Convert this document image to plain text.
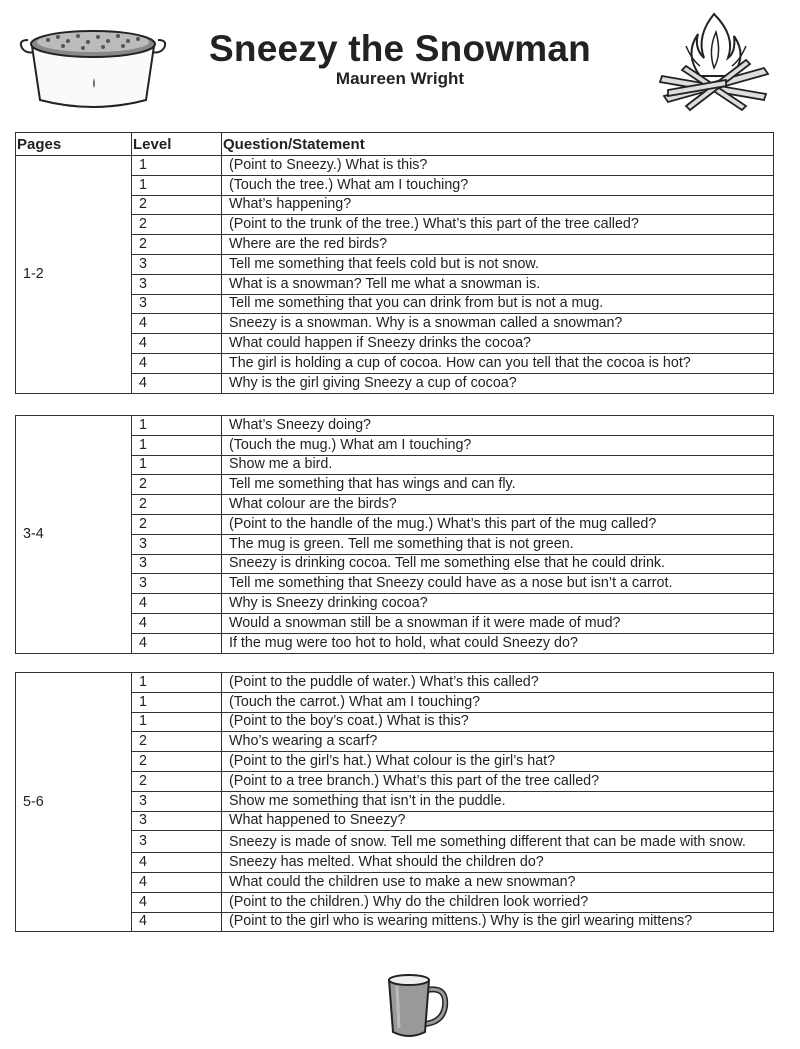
Sneezy the Snowman
Maureen Wright
Pages	Level	Question/Statement
1-2	1	(Point to Sneezy.) What is this?
	1	(Touch the tree.) What am I touching?
	2	What’s happening?
	2	(Point to the trunk of the tree.) What’s this part of the tree called?
	2	Where are the red birds?
	3	Tell me something that feels cold but is not snow.
	3	What is a snowman? Tell me what a snowman is.
	3	Tell me something that you can drink from but is not a mug.
	4	Sneezy is a snowman. Why is a snowman called a snowman?
	4	What could happen if Sneezy drinks the cocoa?
	4	The girl is holding a cup of cocoa. How can you tell that the cocoa is hot?
	4	Why is the girl giving Sneezy a cup of cocoa?
3-4	1	What’s Sneezy doing?
	1	(Touch the mug.) What am I touching?
	1	Show me a bird.
	2	Tell me something that has wings and can fly.
	2	What colour are the birds?
	2	(Point to the handle of the mug.) What’s this part of the mug called?
	3	The mug is green. Tell me something that is not green.
	3	Sneezy is drinking cocoa. Tell me something else that he could drink.
	3	Tell me something that Sneezy could have as a nose but isn’t a carrot.
	4	Why is Sneezy drinking cocoa?
	4	Would a snowman still be a snowman if it were made of mud?
	4	If the mug were too hot to hold, what could Sneezy do?
5-6	1	(Point to the puddle of water.) What’s this called?
	1	(Touch the carrot.) What am I touching?
	1	(Point to the boy’s coat.) What is this?
	2	Who’s wearing a scarf?
	2	(Point to the girl’s hat.) What colour is the girl’s hat?
	2	(Point to a tree branch.) What’s this part of the tree called?
	3	Show me something that isn’t in the puddle.
	3	What happened to Sneezy?
	3	Sneezy is made of snow. Tell me something different that can be made with snow.
	4	Sneezy has melted. What should the children do?
	4	What could the children use to make a new snowman?
	4	(Point to the children.) Why do the children look worried?
	4	(Point to the girl who is wearing mittens.) Why is the girl wearing mittens?
